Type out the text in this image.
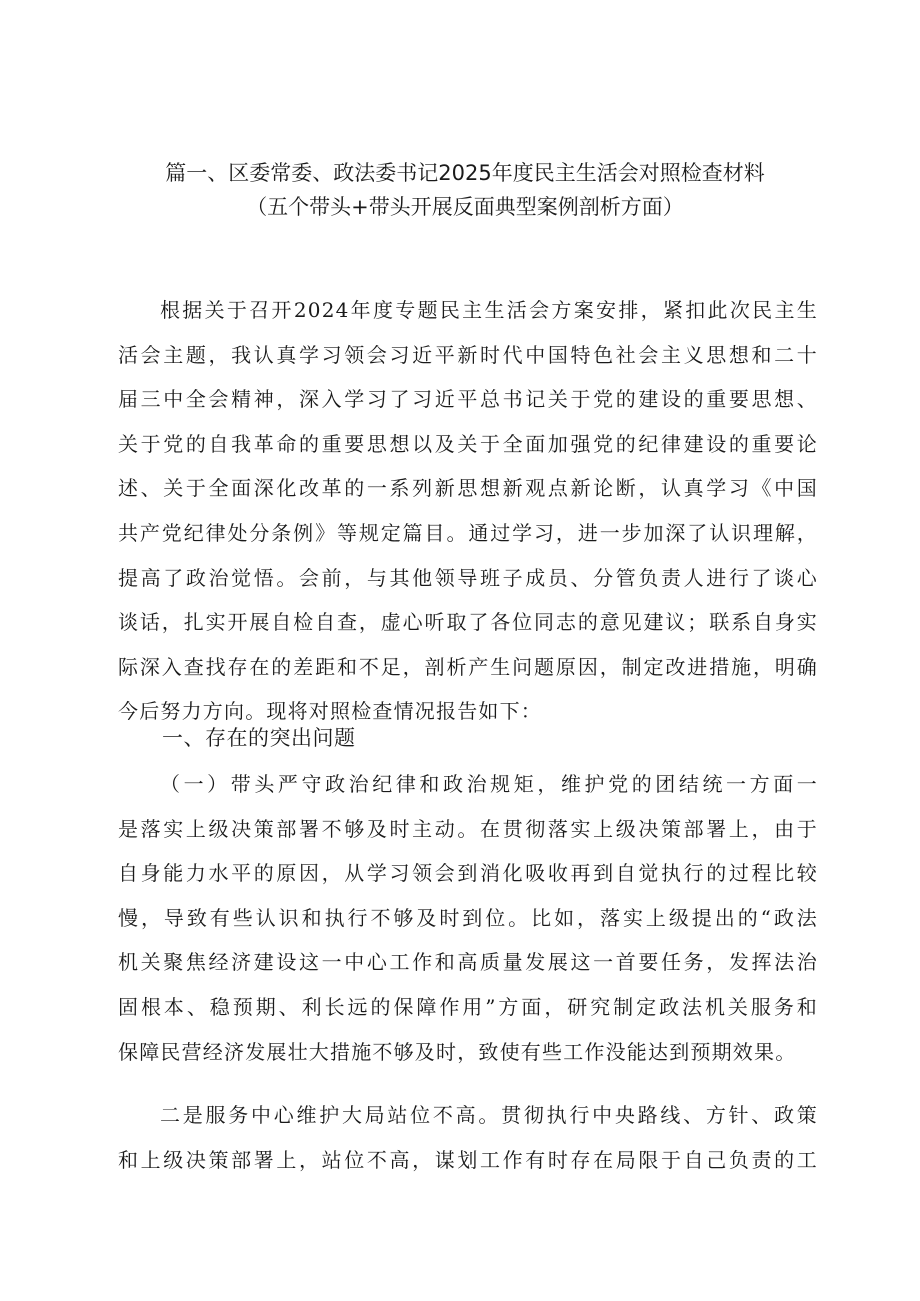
篇一、区委常委、政法委书记2025年度民主生活会对照检查材料
（五个带头+带头开展反面典型案例剖析方面）
根据关于召开2024年度专题民主生活会方案安排，紧扣此次民主生
活会主题，我认真学习领会习近平新时代中国特色社会主义思想和二十
届三中全会精神，深入学习了习近平总书记关于党的建设的重要思想、
关于党的自我革命的重要思想以及关于全面加强党的纪律建设的重要论
述、关于全面深化改革的一系列新思想新观点新论断，认真学习《中国
共产党纪律处分条例》等规定篇目。通过学习，进一步加深了认识理解，
提高了政治觉悟。会前，与其他领导班子成员、分管负责人进行了谈心
谈话，扎实开展自检自查，虚心听取了各位同志的意见建议；联系自身实
际深入查找存在的差距和不足，剖析产生问题原因，制定改进措施，明确
今后努力方向。现将对照检查情况报告如下：
一、存在的突出问题
（一）带头严守政治纪律和政治规矩，维护党的团结统一方面一
是落实上级决策部署不够及时主动。在贯彻落实上级决策部署上，由于
自身能力水平的原因，从学习领会到消化吸收再到自觉执行的过程比较
慢，导致有些认识和执行不够及时到位。比如，落实上级提出的“政法
机关聚焦经济建设这一中心工作和高质量发展这一首要任务，发挥法治
固根本、稳预期、利长远的保障作用”方面，研究制定政法机关服务和
保障民营经济发展壮大措施不够及时，致使有些工作没能达到预期效果。
二是服务中心维护大局站位不高。贯彻执行中央路线、方针、政策
和上级决策部署上，站位不高，谋划工作有时存在局限于自己负责的工
